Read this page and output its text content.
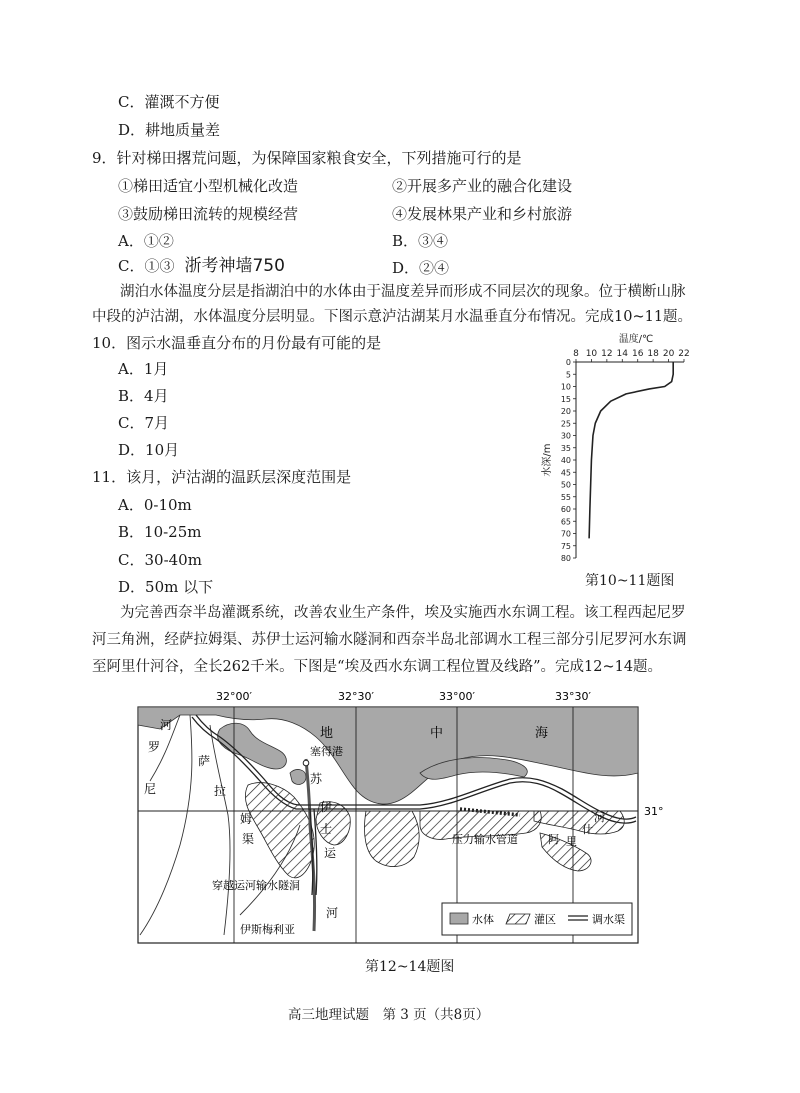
C．灌溉不方便
D．耕地质量差
9．针对梯田撂荒问题，为保障国家粮食安全，下列措施可行的是
①梯田适宜小型机械化改造	②开展多产业的融合化建设
③鼓励梯田流转的规模经营	④发展林果产业和乡村旅游
A．①②	B．③④
C．①③ 浙考神墙750	D．②④
湖泊水体温度分层是指湖泊中的水体由于温度差异而形成不同层次的现象。位于横断山脉
中段的泸沽湖，水体温度分层明显。下图示意泸沽湖某月水温垂直分布情况。完成10~11题。
10．图示水温垂直分布的月份最有可能的是
A．1月
B．4月
C．7月
D．10月
11．该月，泸沽湖的温跃层深度范围是
A．0-10m
B．10-25m
C．30-40m
D．50m 以下
温度/℃
8 10 12 14 16 18 20 22
0
5
10
15
20
25
30
35
40
45
50
55
60
65
70
75
80
水深/m
第10~11题图
为完善西奈半岛灌溉系统，改善农业生产条件，埃及实施西水东调工程。该工程西起尼罗
河三角洲，经萨拉姆渠、苏伊士运河输水隧洞和西奈半岛北部调水工程三部分引尼罗河水东调
至阿里什河谷，全长262千米。下图是“埃及西水东调工程位置及线路”。完成12~14题。
32°00′	32°30′	33°00′	33°30′
31°
地	中	海
河
罗
尼
萨
拉
姆
渠
塞得港
苏
伊
士
运
河
穿越运河输水隧洞
伊斯梅利亚
压力输水管道	阿 里
什
河
水体	灌区	调水渠
第12~14题图
高三地理试题　第 3 页（共8页）
